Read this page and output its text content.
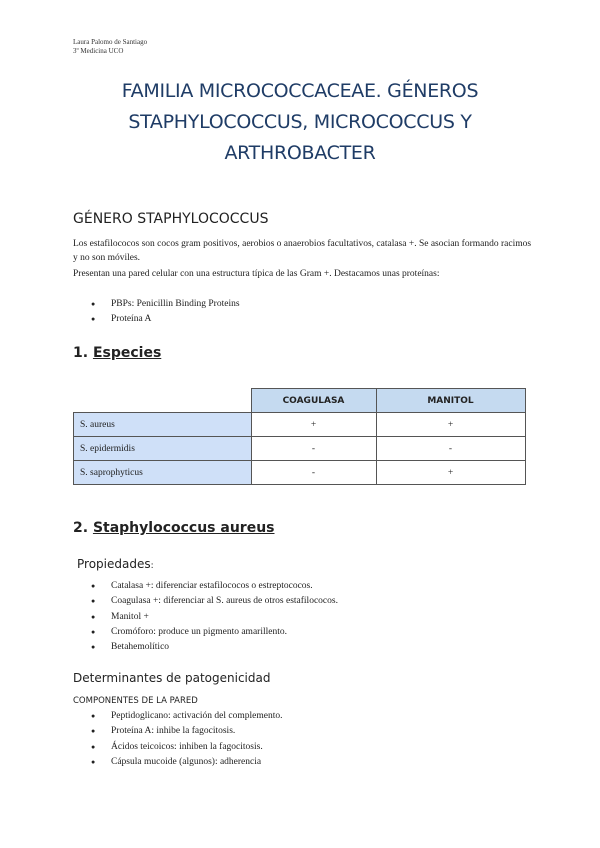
Laura Palomo de Santiago
3º Medicina UCO
FAMILIA MICROCOCCACEAE. GÉNEROS STAPHYLOCOCCUS, MICROCOCCUS Y ARTHROBACTER
GÉNERO STAPHYLOCOCCUS
Los estafilococos son cocos gram positivos, aerobios o anaerobios facultativos, catalasa +. Se asocian formando racimos y no son móviles.
Presentan una pared celular con una estructura típica de las Gram +. Destacamos unas proteínas:
● PBPs: Penicillin Binding Proteins
● Proteína A
1. Especies
	COAGULASA	MANITOL
S. aureus	+	+
S. epidermidis	-	-
S. saprophyticus	-	+
2. Staphylococcus aureus
Propiedades:
● Catalasa +: diferenciar estafilococos o estreptococos.
● Coagulasa +: diferenciar al S. aureus de otros estafilococos.
● Manitol +
● Cromóforo: produce un pigmento amarillento.
● Betahemolítico
Determinantes de patogenicidad
COMPONENTES DE LA PARED
● Peptidoglicano: activación del complemento.
● Proteína A: inhibe la fagocitosis.
● Ácidos teicoicos: inhiben la fagocitosis.
● Cápsula mucoide (algunos): adherencia
